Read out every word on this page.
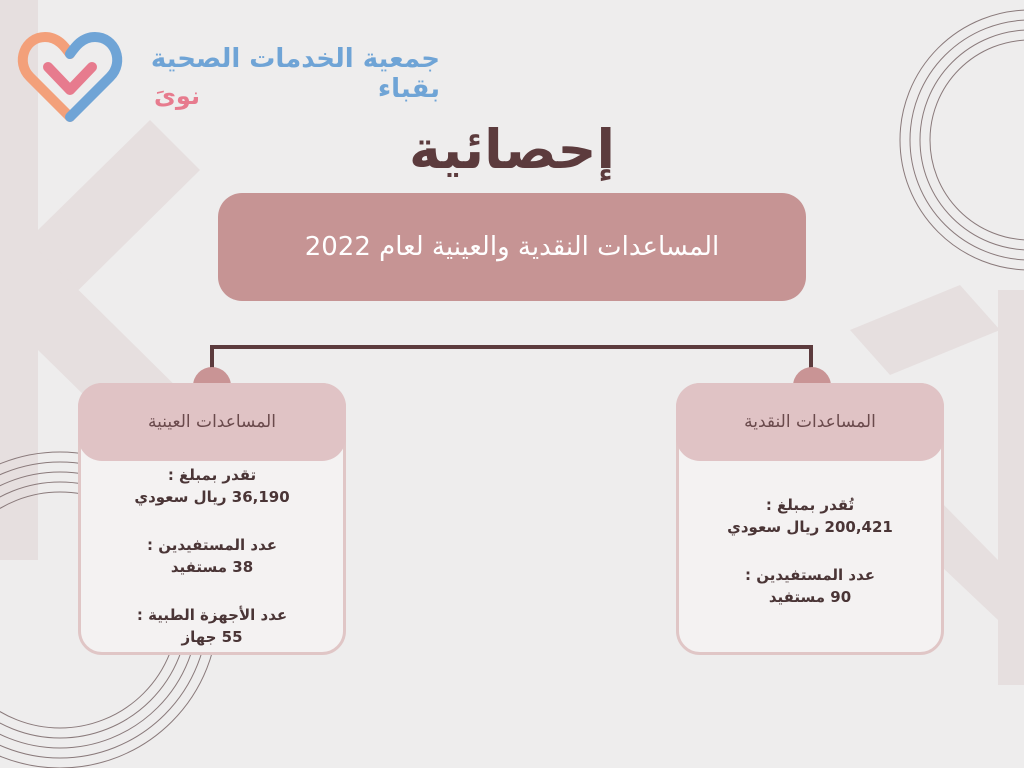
جمعية الخدمات الصحية بقباء
نوىَ
إحصائية
المساعدات النقدية والعينية لعام 2022
المساعدات العينية
تقدر بمبلغ :
36,190 ريال سعودي
عدد المستفيدين :
38 مستفيد
عدد الأجهزة الطبية :
55 جهاز
المساعدات النقدية
تُقدر بمبلغ :
200,421 ريال سعودي
عدد المستفيدين :
90 مستفيد
